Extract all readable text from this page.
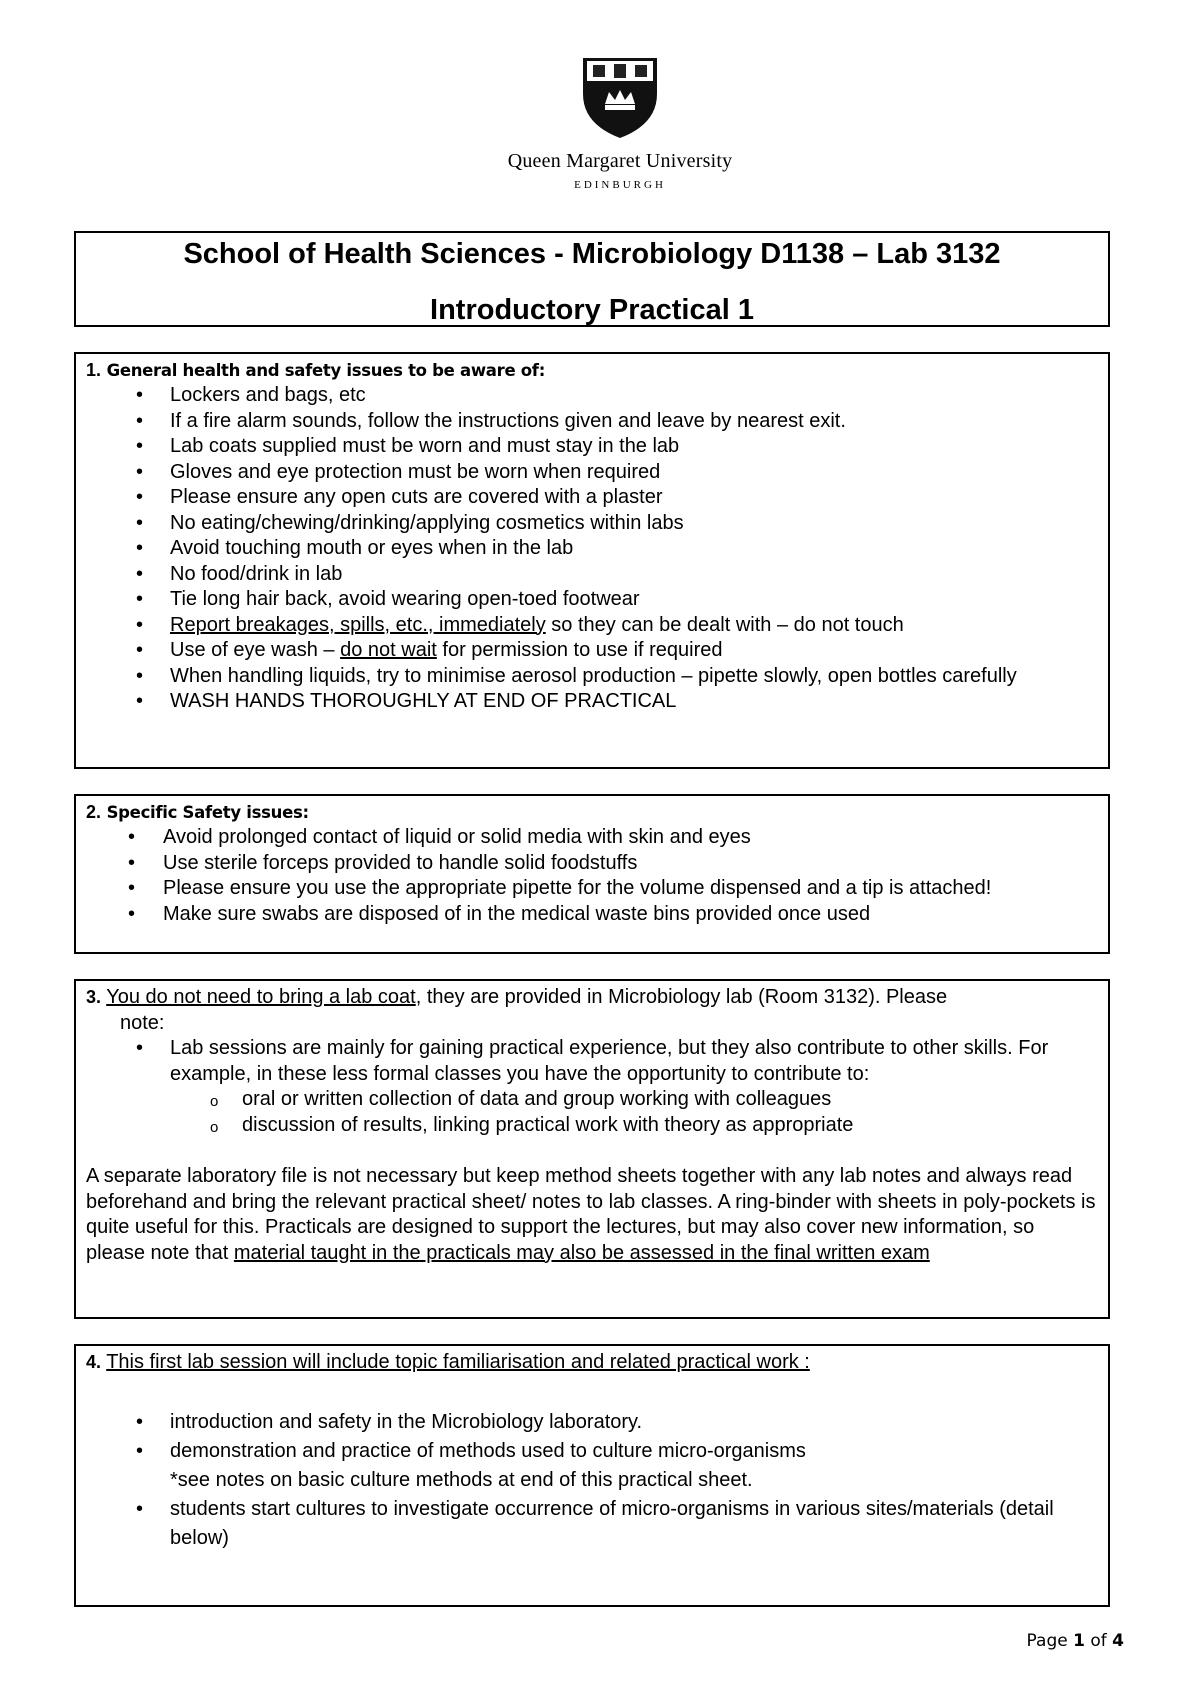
Queen Margaret University
EDINBURGH
School of Health Sciences - Microbiology D1138 – Lab 3132
Introductory Practical 1
1. General health and safety issues to be aware of:
• Lockers and bags, etc
• If a fire alarm sounds, follow the instructions given and leave by nearest exit.
• Lab coats supplied must be worn and must stay in the lab
• Gloves and eye protection must be worn when required
• Please ensure any open cuts are covered with a plaster
• No eating/chewing/drinking/applying cosmetics within labs
• Avoid touching mouth or eyes when in the lab
• No food/drink in lab
• Tie long hair back, avoid wearing open-toed footwear
• Report breakages, spills, etc., immediately so they can be dealt with – do not touch
• Use of eye wash – do not wait for permission to use if required
• When handling liquids, try to minimise aerosol production – pipette slowly, open bottles carefully
• WASH HANDS THOROUGHLY AT END OF PRACTICAL
2. Specific Safety issues:
• Avoid prolonged contact of liquid or solid media with skin and eyes
• Use sterile forceps provided to handle solid foodstuffs
• Please ensure you use the appropriate pipette for the volume dispensed and a tip is attached!
• Make sure swabs are disposed of in the medical waste bins provided once used
3. You do not need to bring a lab coat, they are provided in Microbiology lab (Room 3132). Please
note:
• Lab sessions are mainly for gaining practical experience, but they also contribute to other skills. For example, in these less formal classes you have the opportunity to contribute to:
o oral or written collection of data and group working with colleagues
o discussion of results, linking practical work with theory as appropriate
A separate laboratory file is not necessary but keep method sheets together with any lab notes and always read beforehand and bring the relevant practical sheet/ notes to lab classes. A ring-binder with sheets in poly-pockets is quite useful for this. Practicals are designed to support the lectures, but may also cover new information, so please note that material taught in the practicals may also be assessed in the final written exam
4. This first lab session will include topic familiarisation and related practical work :
• introduction and safety in the Microbiology laboratory.
• demonstration and practice of methods used to culture micro-organisms
*see notes on basic culture methods at end of this practical sheet.
• students start cultures to investigate occurrence of micro-organisms in various sites/materials (detail below)
Page 1 of 4
